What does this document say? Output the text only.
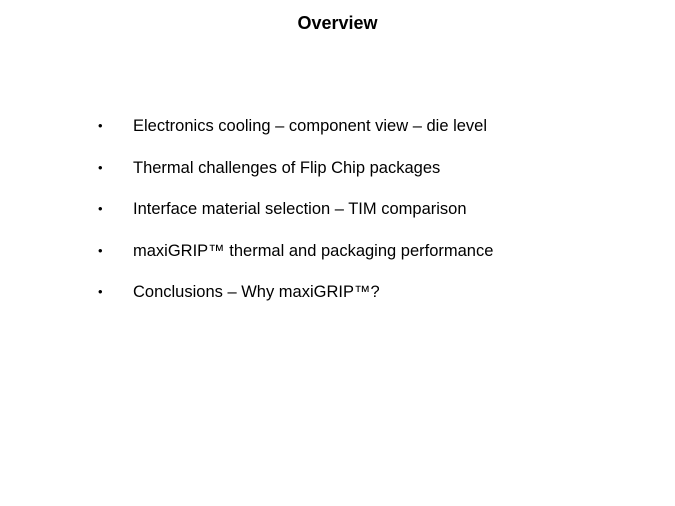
Overview
•	Electronics cooling – component view – die level
•	Thermal challenges of Flip Chip packages
•	Interface material selection – TIM comparison
•	maxiGRIP™ thermal and packaging performance
•	Conclusions – Why maxiGRIP™?
